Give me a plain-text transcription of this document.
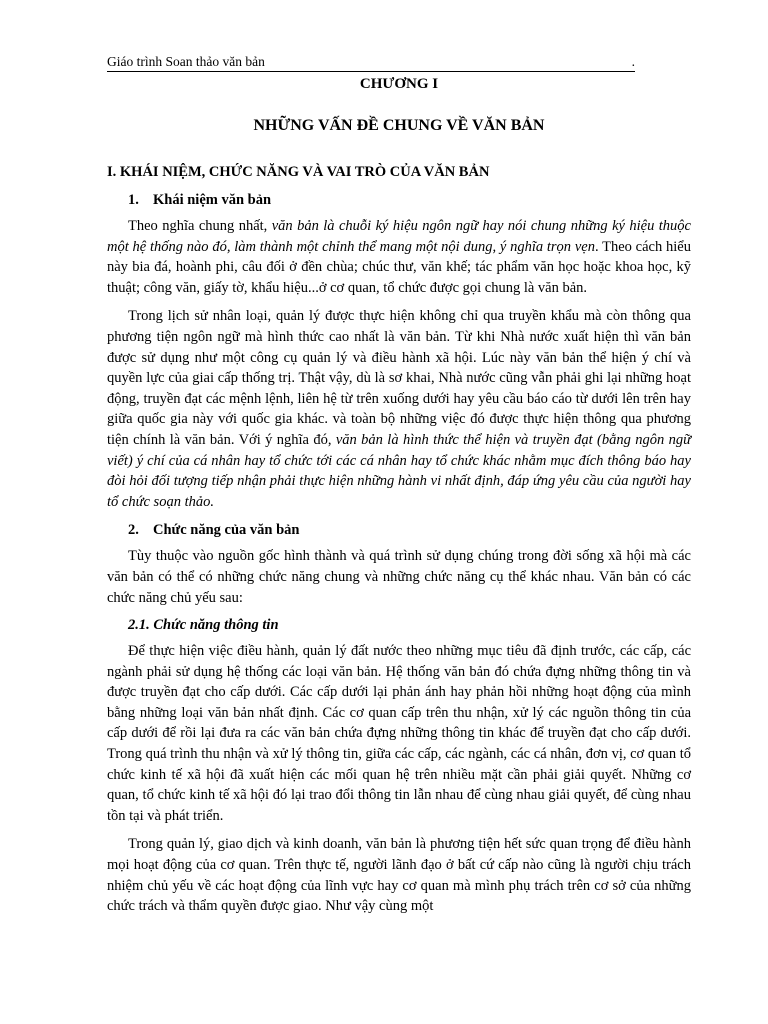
Giáo trình Soan thảo văn bản	.
CHƯƠNG I
NHỮNG VẤN ĐỀ CHUNG VỀ VĂN BẢN
I. KHÁI NIỆM, CHỨC NĂNG VÀ VAI TRÒ CỦA VĂN BẢN
1. Khái niệm văn bản

Theo nghĩa chung nhất, văn bản là chuỗi ký hiệu ngôn ngữ hay nói chung những ký hiệu thuộc một hệ thống nào đó, làm thành một chỉnh thể mang một nội dung, ý nghĩa trọn vẹn. Theo cách hiểu này bia đá, hoành phi, câu đối ở đền chùa; chúc thư, văn khế; tác phẩm văn học hoặc khoa học, kỹ thuật; công văn, giấy tờ, khẩu hiệu...ở cơ quan, tổ chức được gọi chung là văn bản.

Trong lịch sử nhân loại, quản lý được thực hiện không chỉ qua truyền khẩu mà còn thông qua phương tiện ngôn ngữ mà hình thức cao nhất là văn bản. Từ khi Nhà nước xuất hiện thì văn bản được sử dụng như một công cụ quản lý và điều hành xã hội. Lúc này văn bản thể hiện ý chí và quyền lực của giai cấp thống trị. Thật vậy, dù là sơ khai, Nhà nước cũng vẫn phải ghi lại những hoạt động, truyền đạt các mệnh lệnh, liên hệ từ trên xuống dưới hay yêu cầu báo cáo từ dưới lên trên hay giữa quốc gia này với quốc gia khác. và toàn bộ những việc đó được thực hiện thông qua phương tiện chính là văn bản. Với ý nghĩa đó, văn bản là hình thức thể hiện và truyền đạt (bằng ngôn ngữ viết) ý chí của cá nhân hay tổ chức tới các cá nhân hay tổ chức khác nhằm mục đích thông báo hay đòi hỏi đối tượng tiếp nhận phải thực hiện những hành vi nhất định, đáp ứng yêu cầu của người hay tổ chức soạn thảo.

2. Chức năng của văn bản

Tùy thuộc vào nguồn gốc hình thành và quá trình sử dụng chúng trong đời sống xã hội mà các văn bản có thể có những chức năng chung và những chức năng cụ thể khác nhau. Văn bản có các chức năng chủ yếu sau:

2.1. Chức năng thông tin

Để thực hiện việc điều hành, quản lý đất nước theo những mục tiêu đã định trước, các cấp, các ngành phải sử dụng hệ thống các loại văn bản. Hệ thống văn bản đó chứa đựng những thông tin và được truyền đạt cho cấp dưới. Các cấp dưới lại phản ánh hay phản hồi những hoạt động của mình bằng những loại văn bản nhất định. Các cơ quan cấp trên thu nhận, xử lý các nguồn thông tin của cấp dưới để rồi lại đưa ra các văn bản chứa đựng những thông tin khác để truyền đạt cho cấp dưới. Trong quá trình thu nhận và xử lý thông tin, giữa các cấp, các ngành, các cá nhân, đơn vị, cơ quan tổ chức kinh tế xã hội đã xuất hiện các mối quan hệ trên nhiều mặt cần phải giải quyết. Những cơ quan, tổ chức kinh tế xã hội đó lại trao đổi thông tin lẫn nhau để cùng nhau giải quyết, để cùng nhau tồn tại và phát triển.

Trong quản lý, giao dịch và kinh doanh, văn bản là phương tiện hết sức quan trọng để điều hành mọi hoạt động của cơ quan. Trên thực tế, người lãnh đạo ở bất cứ cấp nào cũng là người chịu trách nhiệm chủ yếu về các hoạt động của lĩnh vực hay cơ quan mà mình phụ trách trên cơ sở của những chức trách và thẩm quyền được giao. Như vậy cùng một
